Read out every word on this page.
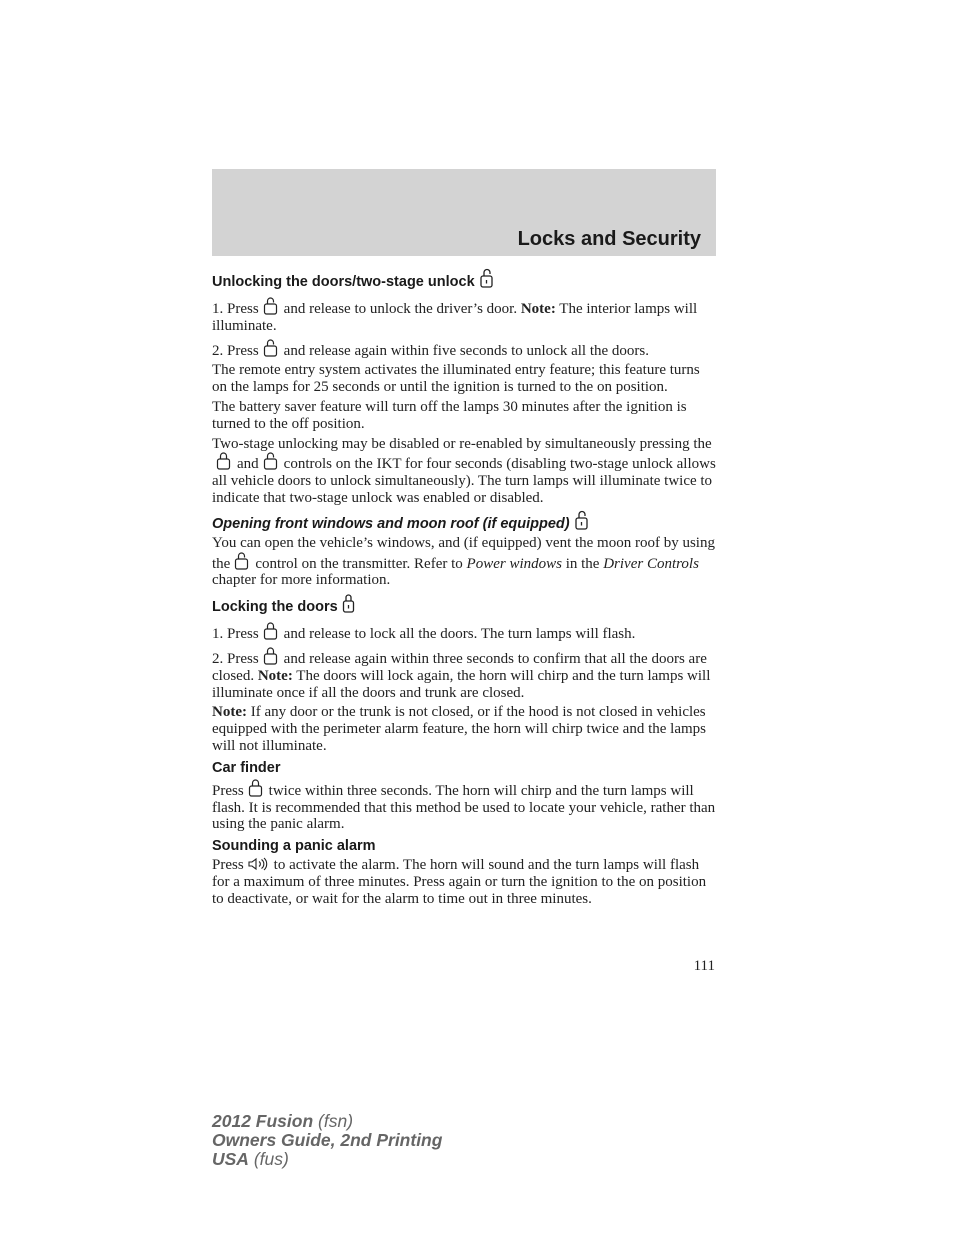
Locks and Security
Unlocking the doors/two-stage unlock

1. Press and release to unlock the driver’s door. Note: The interior lamps will illuminate.

2. Press and release again within five seconds to unlock all the doors.

The remote entry system activates the illuminated entry feature; this feature turns on the lamps for 25 seconds or until the ignition is turned to the on position.

The battery saver feature will turn off the lamps 30 minutes after the ignition is turned to the off position.

Two-stage unlocking may be disabled or re-enabled by simultaneously pressing the
and controls on the IKT for four seconds (disabling two-stage unlock allows all vehicle doors to unlock simultaneously). The turn lamps will illuminate twice to indicate that two-stage unlock was enabled or disabled.

Opening front windows and moon roof (if equipped)

You can open the vehicle’s windows, and (if equipped) vent the moon roof by using the control on the transmitter. Refer to Power windows in the Driver Controls chapter for more information.

Locking the doors

1. Press and release to lock all the doors. The turn lamps will flash.

2. Press and release again within three seconds to confirm that all the doors are closed. Note: The doors will lock again, the horn will chirp and the turn lamps will illuminate once if all the doors and trunk are closed.

Note: If any door or the trunk is not closed, or if the hood is not closed in vehicles equipped with the perimeter alarm feature, the horn will chirp twice and the lamps will not illuminate.

Car finder

Press twice within three seconds. The horn will chirp and the turn lamps will flash. It is recommended that this method be used to locate your vehicle, rather than using the panic alarm.

Sounding a panic alarm

Press to activate the alarm. The horn will sound and the turn lamps will flash for a maximum of three minutes. Press again or turn the ignition to the on position to deactivate, or wait for the alarm to time out in three minutes.

111
2012 Fusion (fsn)
Owners Guide, 2nd Printing
USA (fus)
